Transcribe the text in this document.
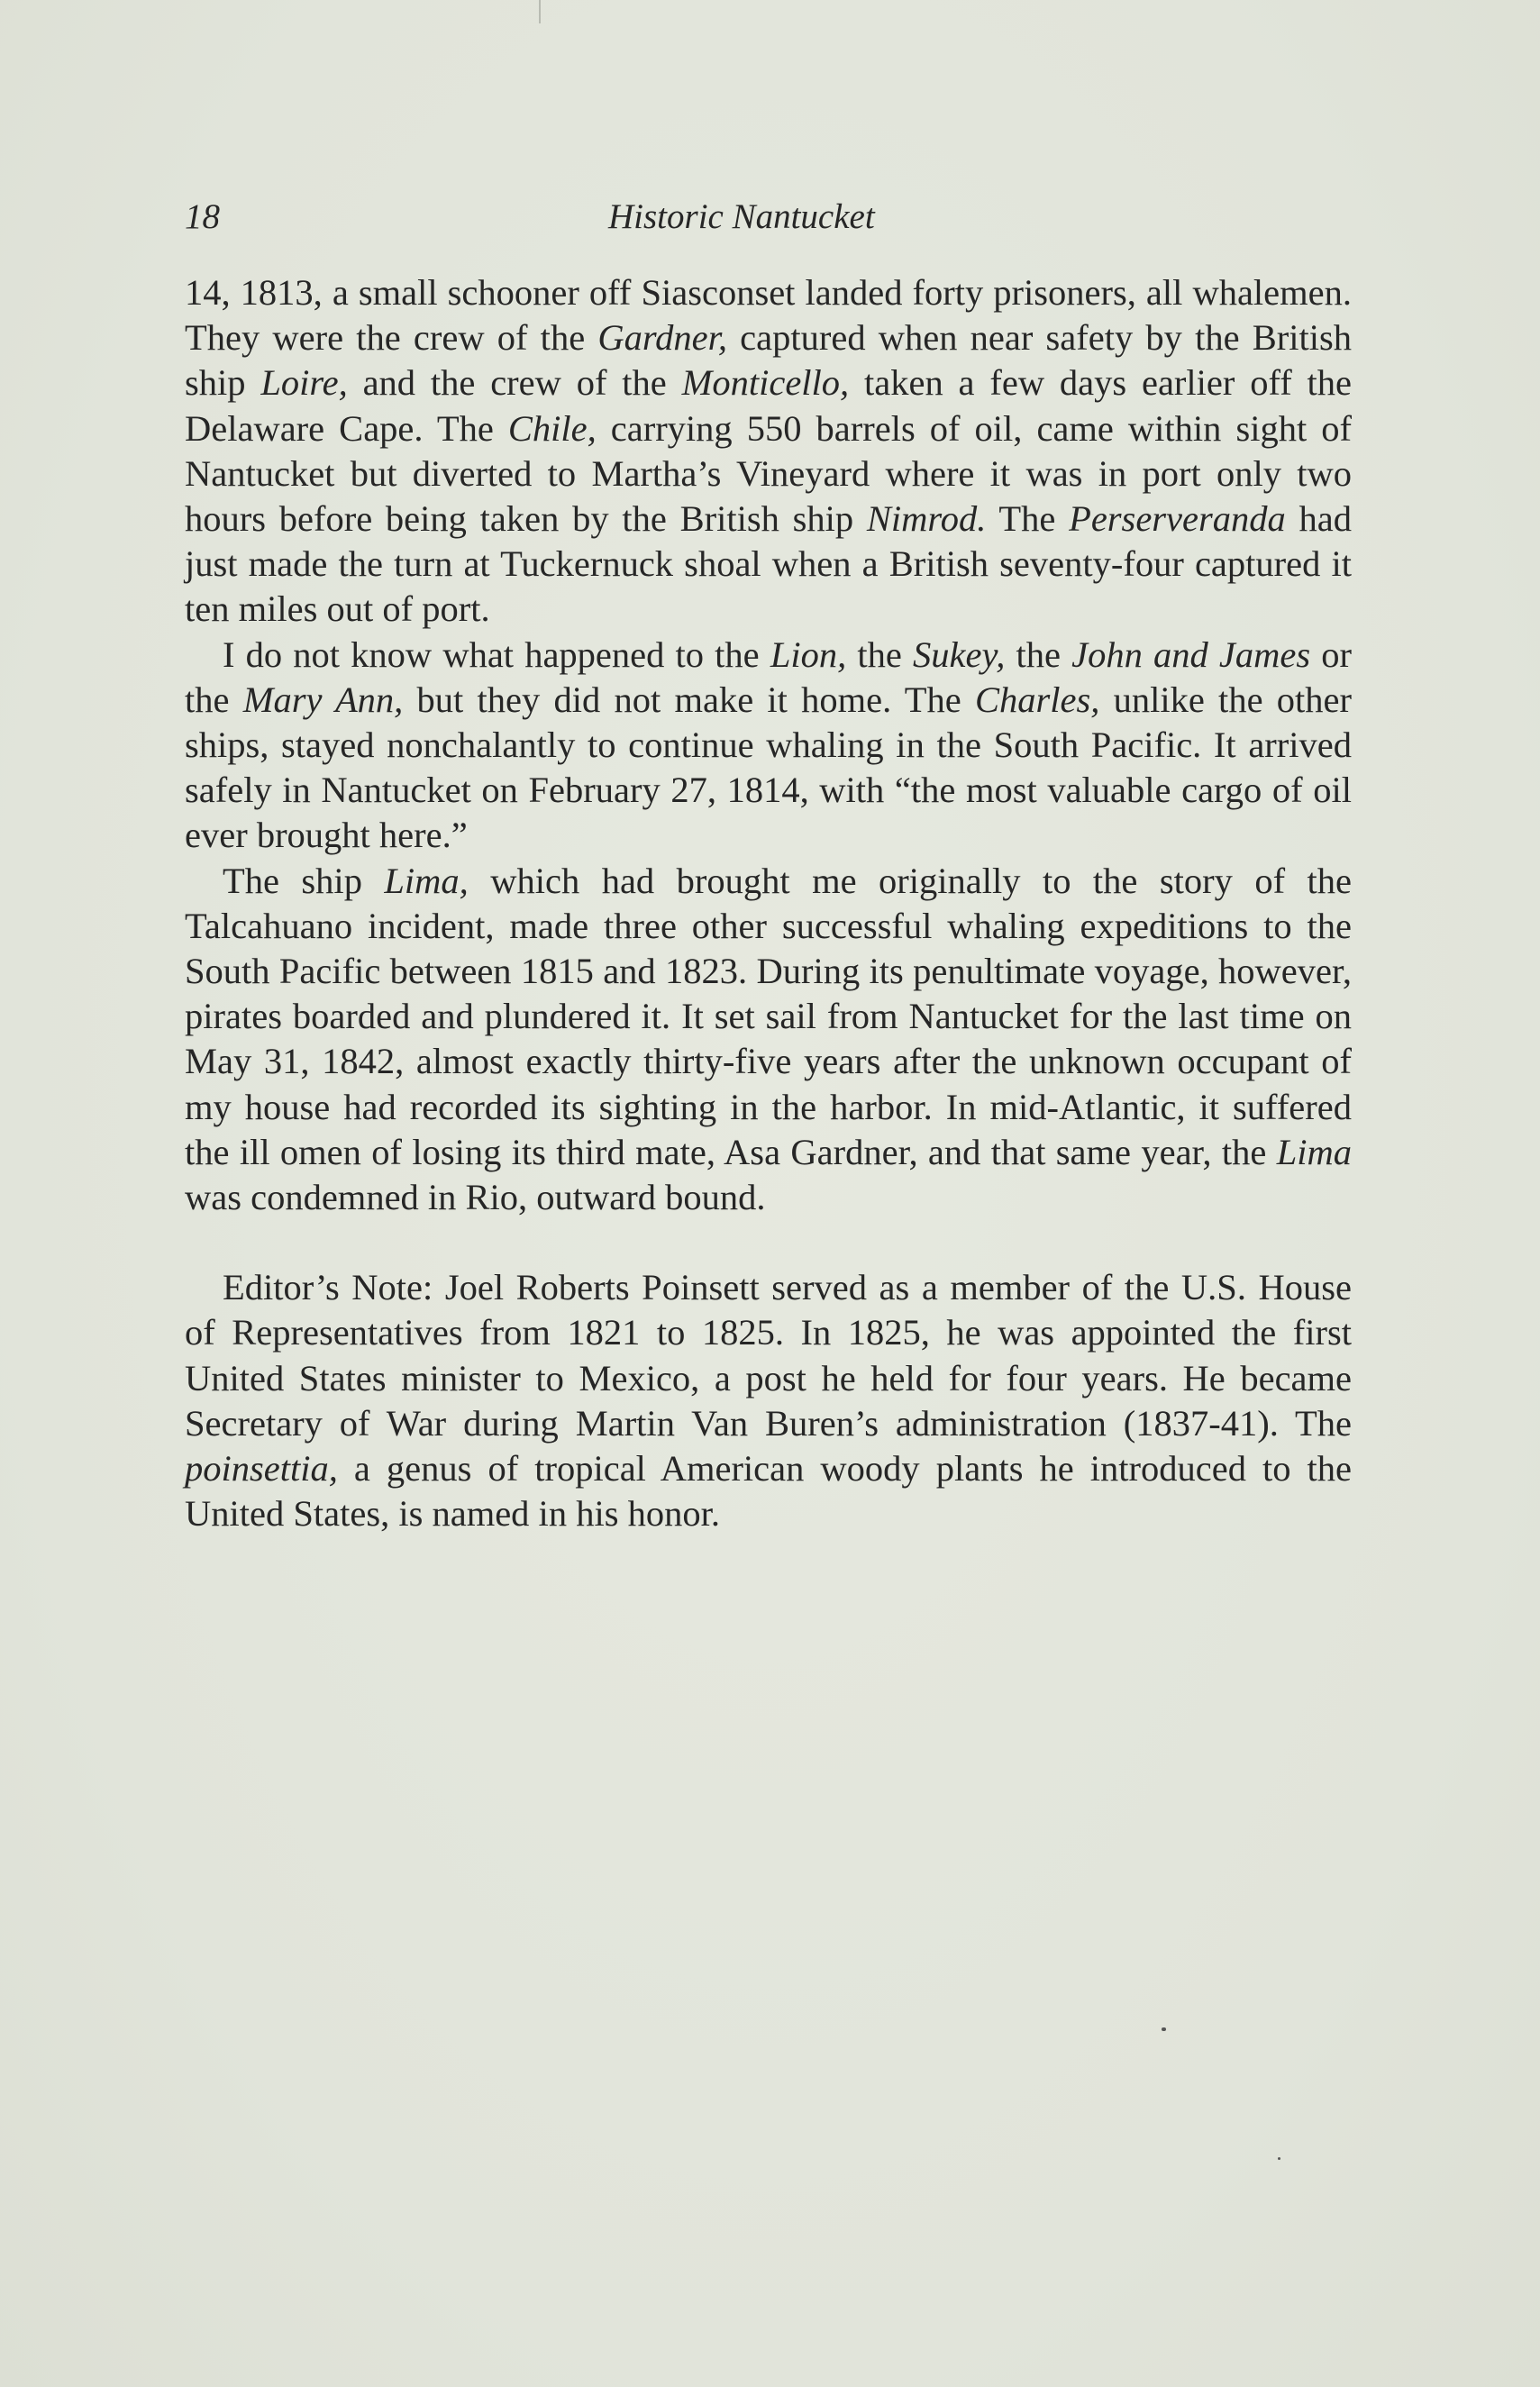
18	Historic Nantucket

14, 1813, a small schooner off Siasconset landed forty prisoners, all whalemen. They were the crew of the Gardner, captured when near safety by the British ship Loire, and the crew of the Monticello, taken a few days earlier off the Delaware Cape. The Chile, carrying 550 barrels of oil, came within sight of Nantucket but diverted to Martha’s Vineyard where it was in port only two hours before being taken by the British ship Nimrod. The Perserveranda had just made the turn at Tuckernuck shoal when a British seventy-four captured it ten miles out of port.

I do not know what happened to the Lion, the Sukey, the John and James or the Mary Ann, but they did not make it home. The Charles, unlike the other ships, stayed nonchalantly to continue whaling in the South Pacific. It arrived safely in Nantucket on February 27, 1814, with “the most valuable cargo of oil ever brought here.”

The ship Lima, which had brought me originally to the story of the Talcahuano incident, made three other successful whaling expeditions to the South Pacific between 1815 and 1823. During its penultimate voyage, however, pirates boarded and plundered it. It set sail from Nantucket for the last time on May 31, 1842, almost exactly thirty-five years after the unknown occupant of my house had recorded its sighting in the harbor. In mid-Atlantic, it suffered the ill omen of losing its third mate, Asa Gardner, and that same year, the Lima was condemned in Rio, outward bound.

Editor’s Note: Joel Roberts Poinsett served as a member of the U.S. House of Representatives from 1821 to 1825. In 1825, he was appointed the first United States minister to Mexico, a post he held for four years. He became Secretary of War during Martin Van Buren’s administration (1837-41). The poinsettia, a genus of tropical American woody plants he introduced to the United States, is named in his honor.
